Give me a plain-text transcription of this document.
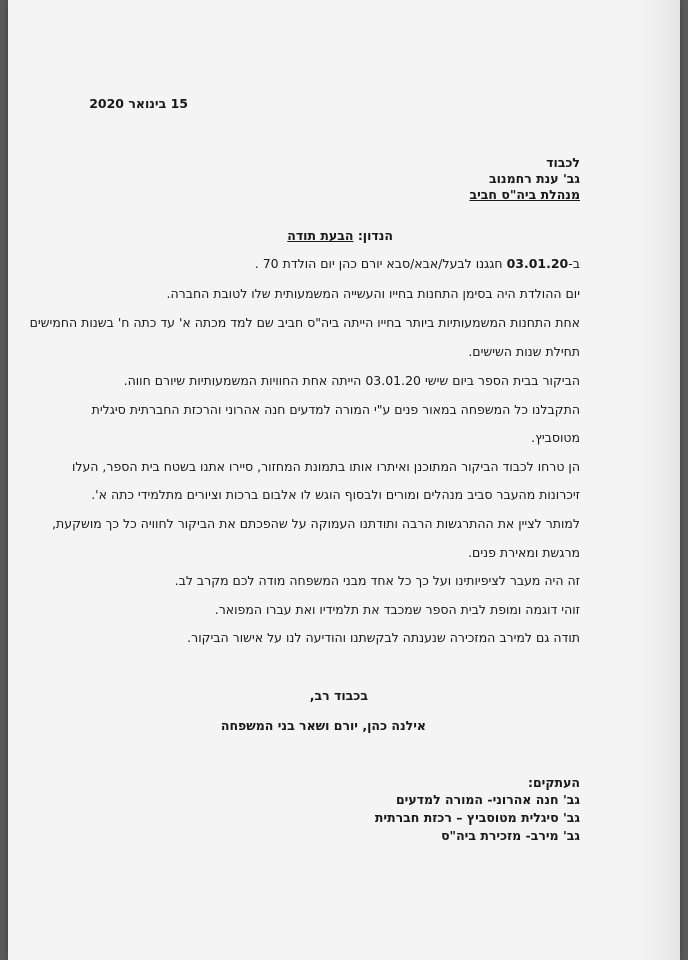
15 בינואר 2020
לכבוד
גב' ענת רחמנוב
מנהלת ביה"ס חביב
הנדון: הבעת תודה
ב-03.01.20 חגגנו לבעל/אבא/סבא יורם כהן יום הולדת 70 .
יום ההולדת היה בסימן התחנות בחייו והעשייה המשמעותית שלו לטובת החברה.
אחת התחנות המשמעותיות ביותר בחייו הייתה ביה"ס חביב שם למד מכתה א' עד כתה ח' בשנות החמישים
תחילת שנות השישים.
הביקור בבית הספר ביום שישי 03.01.20 הייתה אחת החוויות המשמעותיות שיורם חווה.
התקבלנו כל המשפחה במאור פנים ע"י המורה למדעים חנה אהרוני והרכזת החברתית סיגלית
מטוסביץ.
הן טרחו לכבוד הביקור המתוכנן ואיתרו אותו בתמונת המחזור, סיירו אתנו בשטח בית הספר, העלו
זיכרונות מהעבר סביב מנהלים ומורים ולבסוף הוגש לו אלבום ברכות וציורים מתלמידי כתה א'.
למותר לציין את ההתרגשות הרבה ותודתנו העמוקה על שהפכתם את הביקור לחוויה כל כך מושקעת,
מרגשת ומאירת פנים.
זה היה מעבר לציפיותינו ועל כך כל אחד מבני המשפחה מודה לכם מקרב לב.
זוהי דוגמה ומופת לבית הספר שמכבד את תלמידיו ואת עברו המפואר.
תודה גם למירב המזכירה שנענתה לבקשתנו והודיעה לנו על אישור הביקור.
בכבוד רב,
אילנה כהן, יורם ושאר בני המשפחה
העתקים:
גב' חנה אהרוני- המורה למדעים
גב' סיגלית מטוסביץ – רכזת חברתית
גב' מירב- מזכירת ביה"ס
